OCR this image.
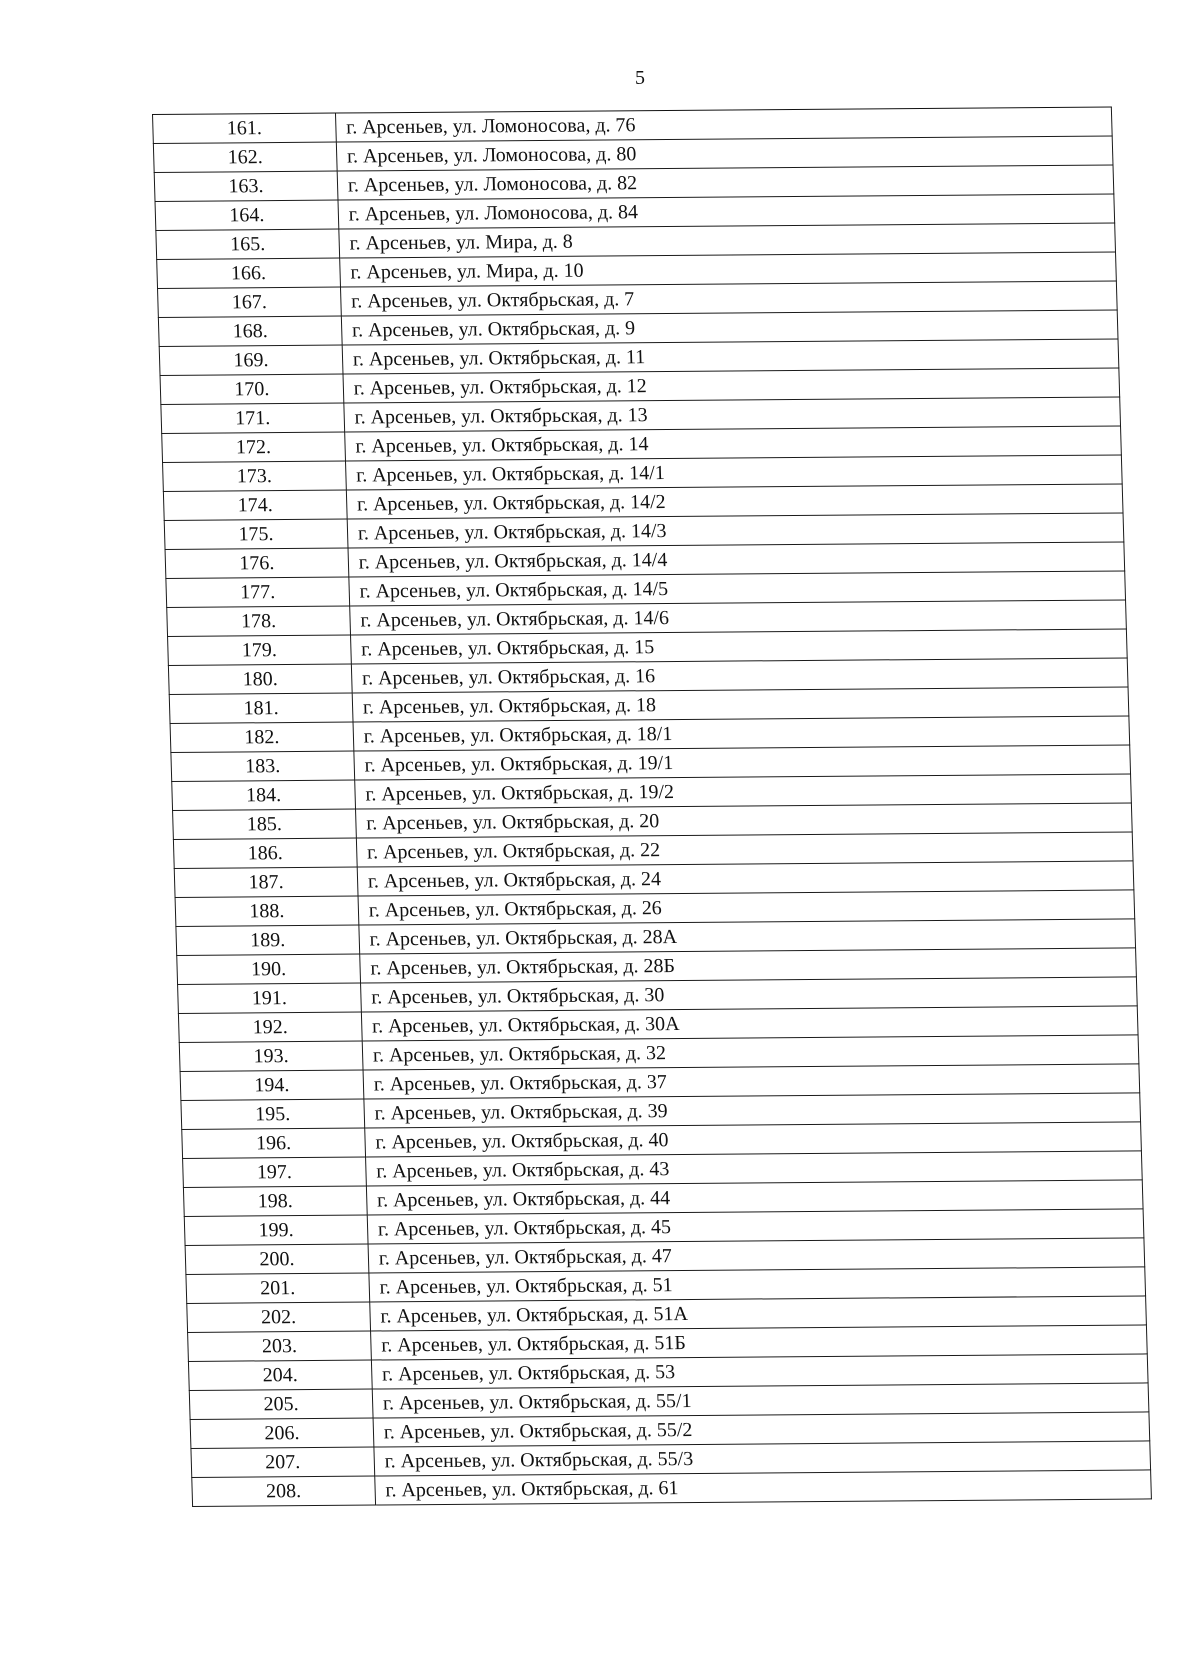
5
161.	г. Арсеньев, ул. Ломоносова, д. 76
162.	г. Арсеньев, ул. Ломоносова, д. 80
163.	г. Арсеньев, ул. Ломоносова, д. 82
164.	г. Арсеньев, ул. Ломоносова, д. 84
165.	г. Арсеньев, ул. Мира, д. 8
166.	г. Арсеньев, ул. Мира, д. 10
167.	г. Арсеньев, ул. Октябрьская, д. 7
168.	г. Арсеньев, ул. Октябрьская, д. 9
169.	г. Арсеньев, ул. Октябрьская, д. 11
170.	г. Арсеньев, ул. Октябрьская, д. 12
171.	г. Арсеньев, ул. Октябрьская, д. 13
172.	г. Арсеньев, ул. Октябрьская, д. 14
173.	г. Арсеньев, ул. Октябрьская, д. 14/1
174.	г. Арсеньев, ул. Октябрьская, д. 14/2
175.	г. Арсеньев, ул. Октябрьская, д. 14/3
176.	г. Арсеньев, ул. Октябрьская, д. 14/4
177.	г. Арсеньев, ул. Октябрьская, д. 14/5
178.	г. Арсеньев, ул. Октябрьская, д. 14/6
179.	г. Арсеньев, ул. Октябрьская, д. 15
180.	г. Арсеньев, ул. Октябрьская, д. 16
181.	г. Арсеньев, ул. Октябрьская, д. 18
182.	г. Арсеньев, ул. Октябрьская, д. 18/1
183.	г. Арсеньев, ул. Октябрьская, д. 19/1
184.	г. Арсеньев, ул. Октябрьская, д. 19/2
185.	г. Арсеньев, ул. Октябрьская, д. 20
186.	г. Арсеньев, ул. Октябрьская, д. 22
187.	г. Арсеньев, ул. Октябрьская, д. 24
188.	г. Арсеньев, ул. Октябрьская, д. 26
189.	г. Арсеньев, ул. Октябрьская, д. 28А
190.	г. Арсеньев, ул. Октябрьская, д. 28Б
191.	г. Арсеньев, ул. Октябрьская, д. 30
192.	г. Арсеньев, ул. Октябрьская, д. 30А
193.	г. Арсеньев, ул. Октябрьская, д. 32
194.	г. Арсеньев, ул. Октябрьская, д. 37
195.	г. Арсеньев, ул. Октябрьская, д. 39
196.	г. Арсеньев, ул. Октябрьская, д. 40
197.	г. Арсеньев, ул. Октябрьская, д. 43
198.	г. Арсеньев, ул. Октябрьская, д. 44
199.	г. Арсеньев, ул. Октябрьская, д. 45
200.	г. Арсеньев, ул. Октябрьская, д. 47
201.	г. Арсеньев, ул. Октябрьская, д. 51
202.	г. Арсеньев, ул. Октябрьская, д. 51А
203.	г. Арсеньев, ул. Октябрьская, д. 51Б
204.	г. Арсеньев, ул. Октябрьская, д. 53
205.	г. Арсеньев, ул. Октябрьская, д. 55/1
206.	г. Арсеньев, ул. Октябрьская, д. 55/2
207.	г. Арсеньев, ул. Октябрьская, д. 55/3
208.	г. Арсеньев, ул. Октябрьская, д. 61
